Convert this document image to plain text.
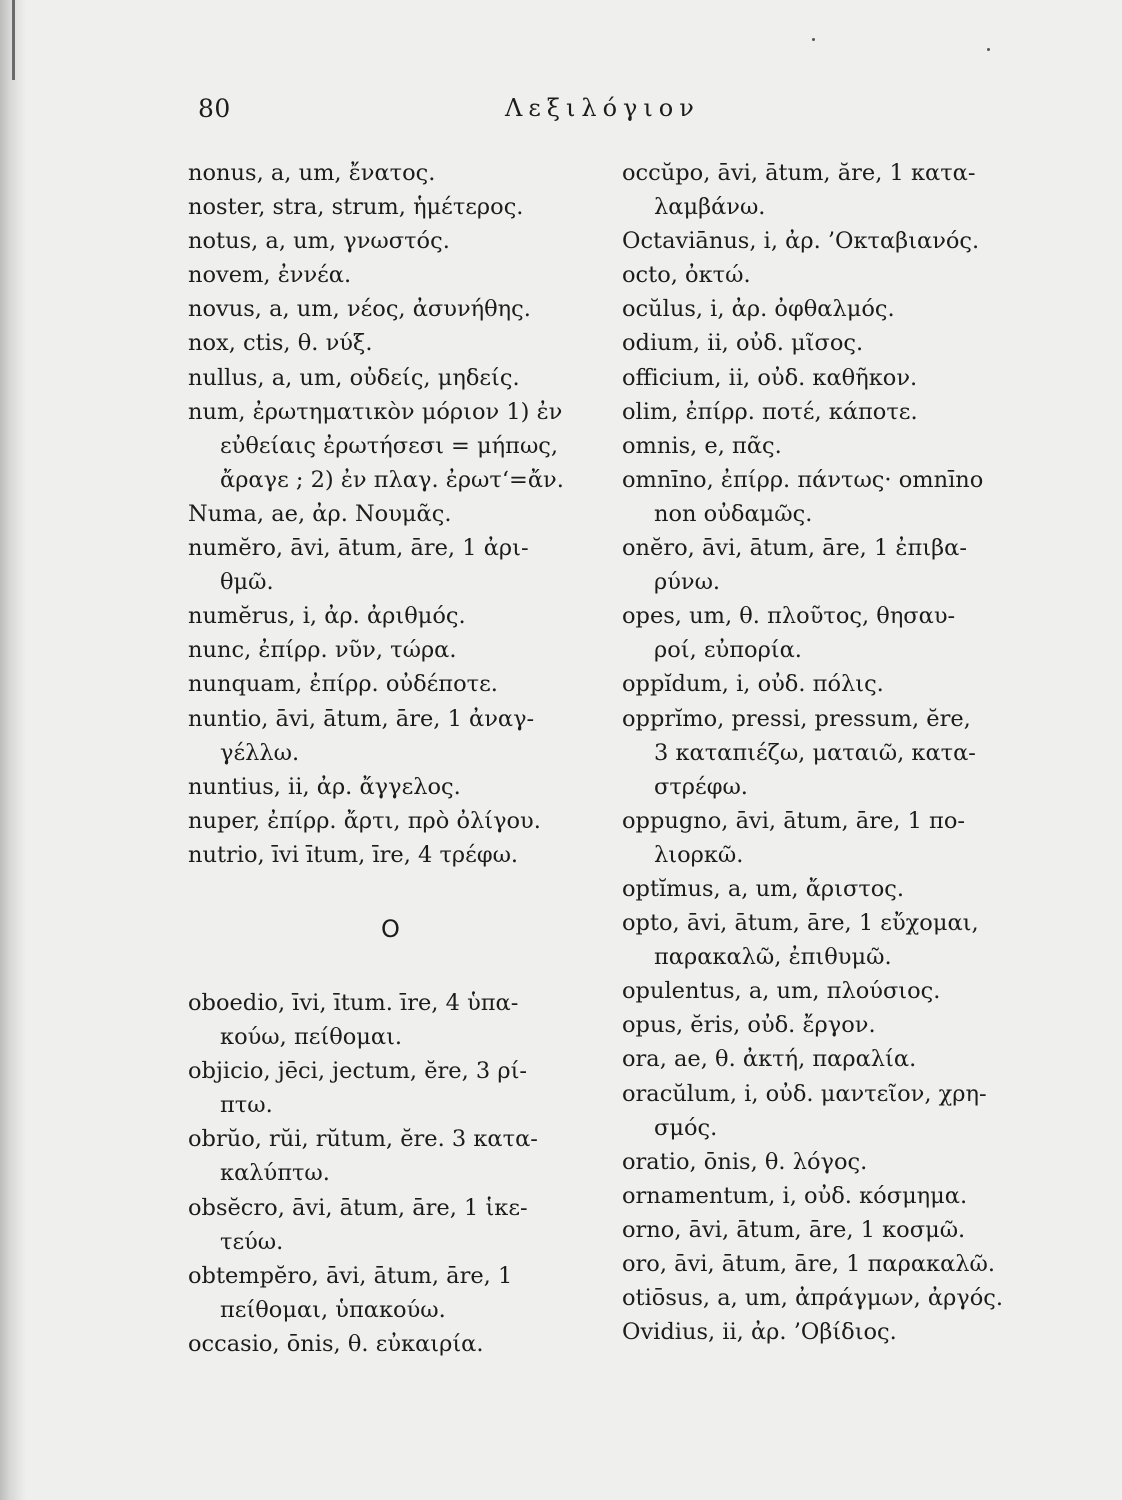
80	Λεξιλόγιον
nonus, a, um, ἔνατος.
noster, stra, strum, ἡμέτερος.
notus, a, um, γνωστός.
novem, ἐννέα.
novus, a, um, νέος, ἀσυνήθης.
nox, ctis, θ. νύξ.
nullus, a, um, οὐδείς, μηδείς.
num, ἐρωτηματικὸν μόριον 1) ἐν
εὐθείαις ἐρωτήσεσι = μήπως,
ἄραγε ; 2) ἐν πλαγ. ἐρωτ‘=ἄν.
Numa, ae, ἀρ. Νουμᾶς.
numĕro, āvi, ātum, āre, 1 ἀρι-
θμῶ.
numĕrus, i, ἀρ. ἀριθμός.
nunc, ἐπίρρ. νῦν, τώρα.
nunquam, ἐπίρρ. οὐδέποτε.
nuntio, āvi, ātum, āre, 1 ἀναγ-
γέλλω.
nuntius, ii, ἀρ. ἄγγελος.
nuper, ἐπίρρ. ἄρτι, πρὸ ὀλίγου.
nutrio, īvi ītum, īre, 4 τρέφω.
O
oboedio, īvi, ītum. īre, 4 ὑπα-
κούω, πείθομαι.
objicio, jēci, jectum, ĕre, 3 ρί-
πτω.
obrŭo, rŭi, rŭtum, ĕre. 3 κατα-
καλύπτω.
obsĕcro, āvi, ātum, āre, 1 ἱκε-
τεύω.
obtempĕro, āvi, ātum, āre, 1
πείθομαι, ὑπακούω.
occasio, ōnis, θ. εὐκαιρία.
occŭpo, āvi, ātum, ăre, 1 κατα-
λαμβάνω.
Octaviānus, i, ἀρ. ’Οκταβιανός.
octo, ὀκτώ.
ocŭlus, i, ἀρ. ὀφθαλμός.
odium, ii, οὐδ. μῖσος.
officium, ii, οὐδ. καθῆκον.
olim, ἐπίρρ. ποτέ, κάποτε.
omnis, e, πᾶς.
omnīno, ἐπίρρ. πάντως· omnīno
non οὐδαμῶς.
onĕro, āvi, ātum, āre, 1 ἐπιβα-
ρύνω.
opes, um, θ. πλοῦτος, θησαυ-
ροί, εὐπορία.
oppĭdum, i, οὐδ. πόλις.
opprĭmo, pressi, pressum, ĕre,
3 καταπιέζω, ματαιῶ, κατα-
στρέφω.
oppugno, āvi, ātum, āre, 1 πο-
λιορκῶ.
optĭmus, a, um, ἄριστος.
opto, āvi, ātum, āre, 1 εὔχομαι,
παρακαλῶ, ἐπιθυμῶ.
opulentus, a, um, πλούσιος.
opus, ĕris, οὐδ. ἔργον.
ora, ae, θ. ἀκτή, παραλία.
oracŭlum, i, οὐδ. μαντεῖον, χρη-
σμός.
oratio, ōnis, θ. λόγος.
ornamentum, i, οὐδ. κόσμημα.
orno, āvi, ātum, āre, 1 κοσμῶ.
oro, āvi, ātum, āre, 1 παρακαλῶ.
otiōsus, a, um, ἀπράγμων, ἀργός.
Ovidius, ii, ἀρ. ’Οβίδιος.
